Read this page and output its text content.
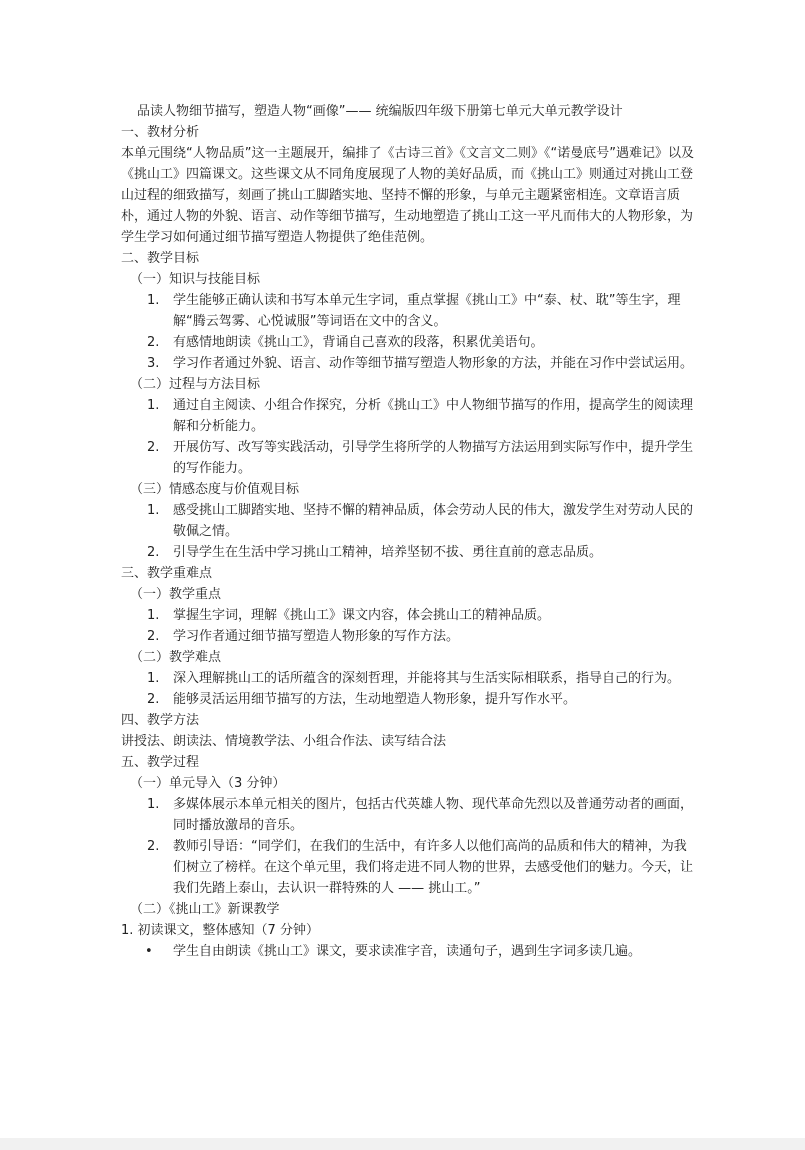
品读人物细节描写，塑造人物“画像”—— 统编版四年级下册第七单元大单元教学设计
一、教材分析
本单元围绕“人物品质”这一主题展开，编排了《古诗三首》《文言文二则》《“诺曼底号”遇难记》以及《挑山工》四篇课文。这些课文从不同角度展现了人物的美好品质，而《挑山工》则通过对挑山工登山过程的细致描写，刻画了挑山工脚踏实地、坚持不懈的形象，与单元主题紧密相连。文章语言质朴，通过人物的外貌、语言、动作等细节描写，生动地塑造了挑山工这一平凡而伟大的人物形象，为学生学习如何通过细节描写塑造人物提供了绝佳范例。
二、教学目标
（一）知识与技能目标
1. 学生能够正确认读和书写本单元生字词，重点掌握《挑山工》中“泰、杖、耽”等生字，理解“腾云驾雾、心悦诚服”等词语在文中的含义。
2. 有感情地朗读《挑山工》，背诵自己喜欢的段落，积累优美语句。
3. 学习作者通过外貌、语言、动作等细节描写塑造人物形象的方法，并能在习作中尝试运用。
（二）过程与方法目标
1. 通过自主阅读、小组合作探究，分析《挑山工》中人物细节描写的作用，提高学生的阅读理解和分析能力。
2. 开展仿写、改写等实践活动，引导学生将所学的人物描写方法运用到实际写作中，提升学生的写作能力。
（三）情感态度与价值观目标
1. 感受挑山工脚踏实地、坚持不懈的精神品质，体会劳动人民的伟大，激发学生对劳动人民的敬佩之情。
2. 引导学生在生活中学习挑山工精神，培养坚韧不拔、勇往直前的意志品质。
三、教学重难点
（一）教学重点
1. 掌握生字词，理解《挑山工》课文内容，体会挑山工的精神品质。
2. 学习作者通过细节描写塑造人物形象的写作方法。
（二）教学难点
1. 深入理解挑山工的话所蕴含的深刻哲理，并能将其与生活实际相联系，指导自己的行为。
2. 能够灵活运用细节描写的方法，生动地塑造人物形象，提升写作水平。
四、教学方法
讲授法、朗读法、情境教学法、小组合作法、读写结合法
五、教学过程
（一）单元导入（3 分钟）
1. 多媒体展示本单元相关的图片，包括古代英雄人物、现代革命先烈以及普通劳动者的画面，同时播放激昂的音乐。
2. 教师引导语：“同学们，在我们的生活中，有许多人以他们高尚的品质和伟大的精神，为我们树立了榜样。在这个单元里，我们将走进不同人物的世界，去感受他们的魅力。今天，让我们先踏上泰山，去认识一群特殊的人 —— 挑山工。”
（二）《挑山工》新课教学
1. 初读课文，整体感知（7 分钟）
• 学生自由朗读《挑山工》课文，要求读准字音，读通句子，遇到生字词多读几遍。
